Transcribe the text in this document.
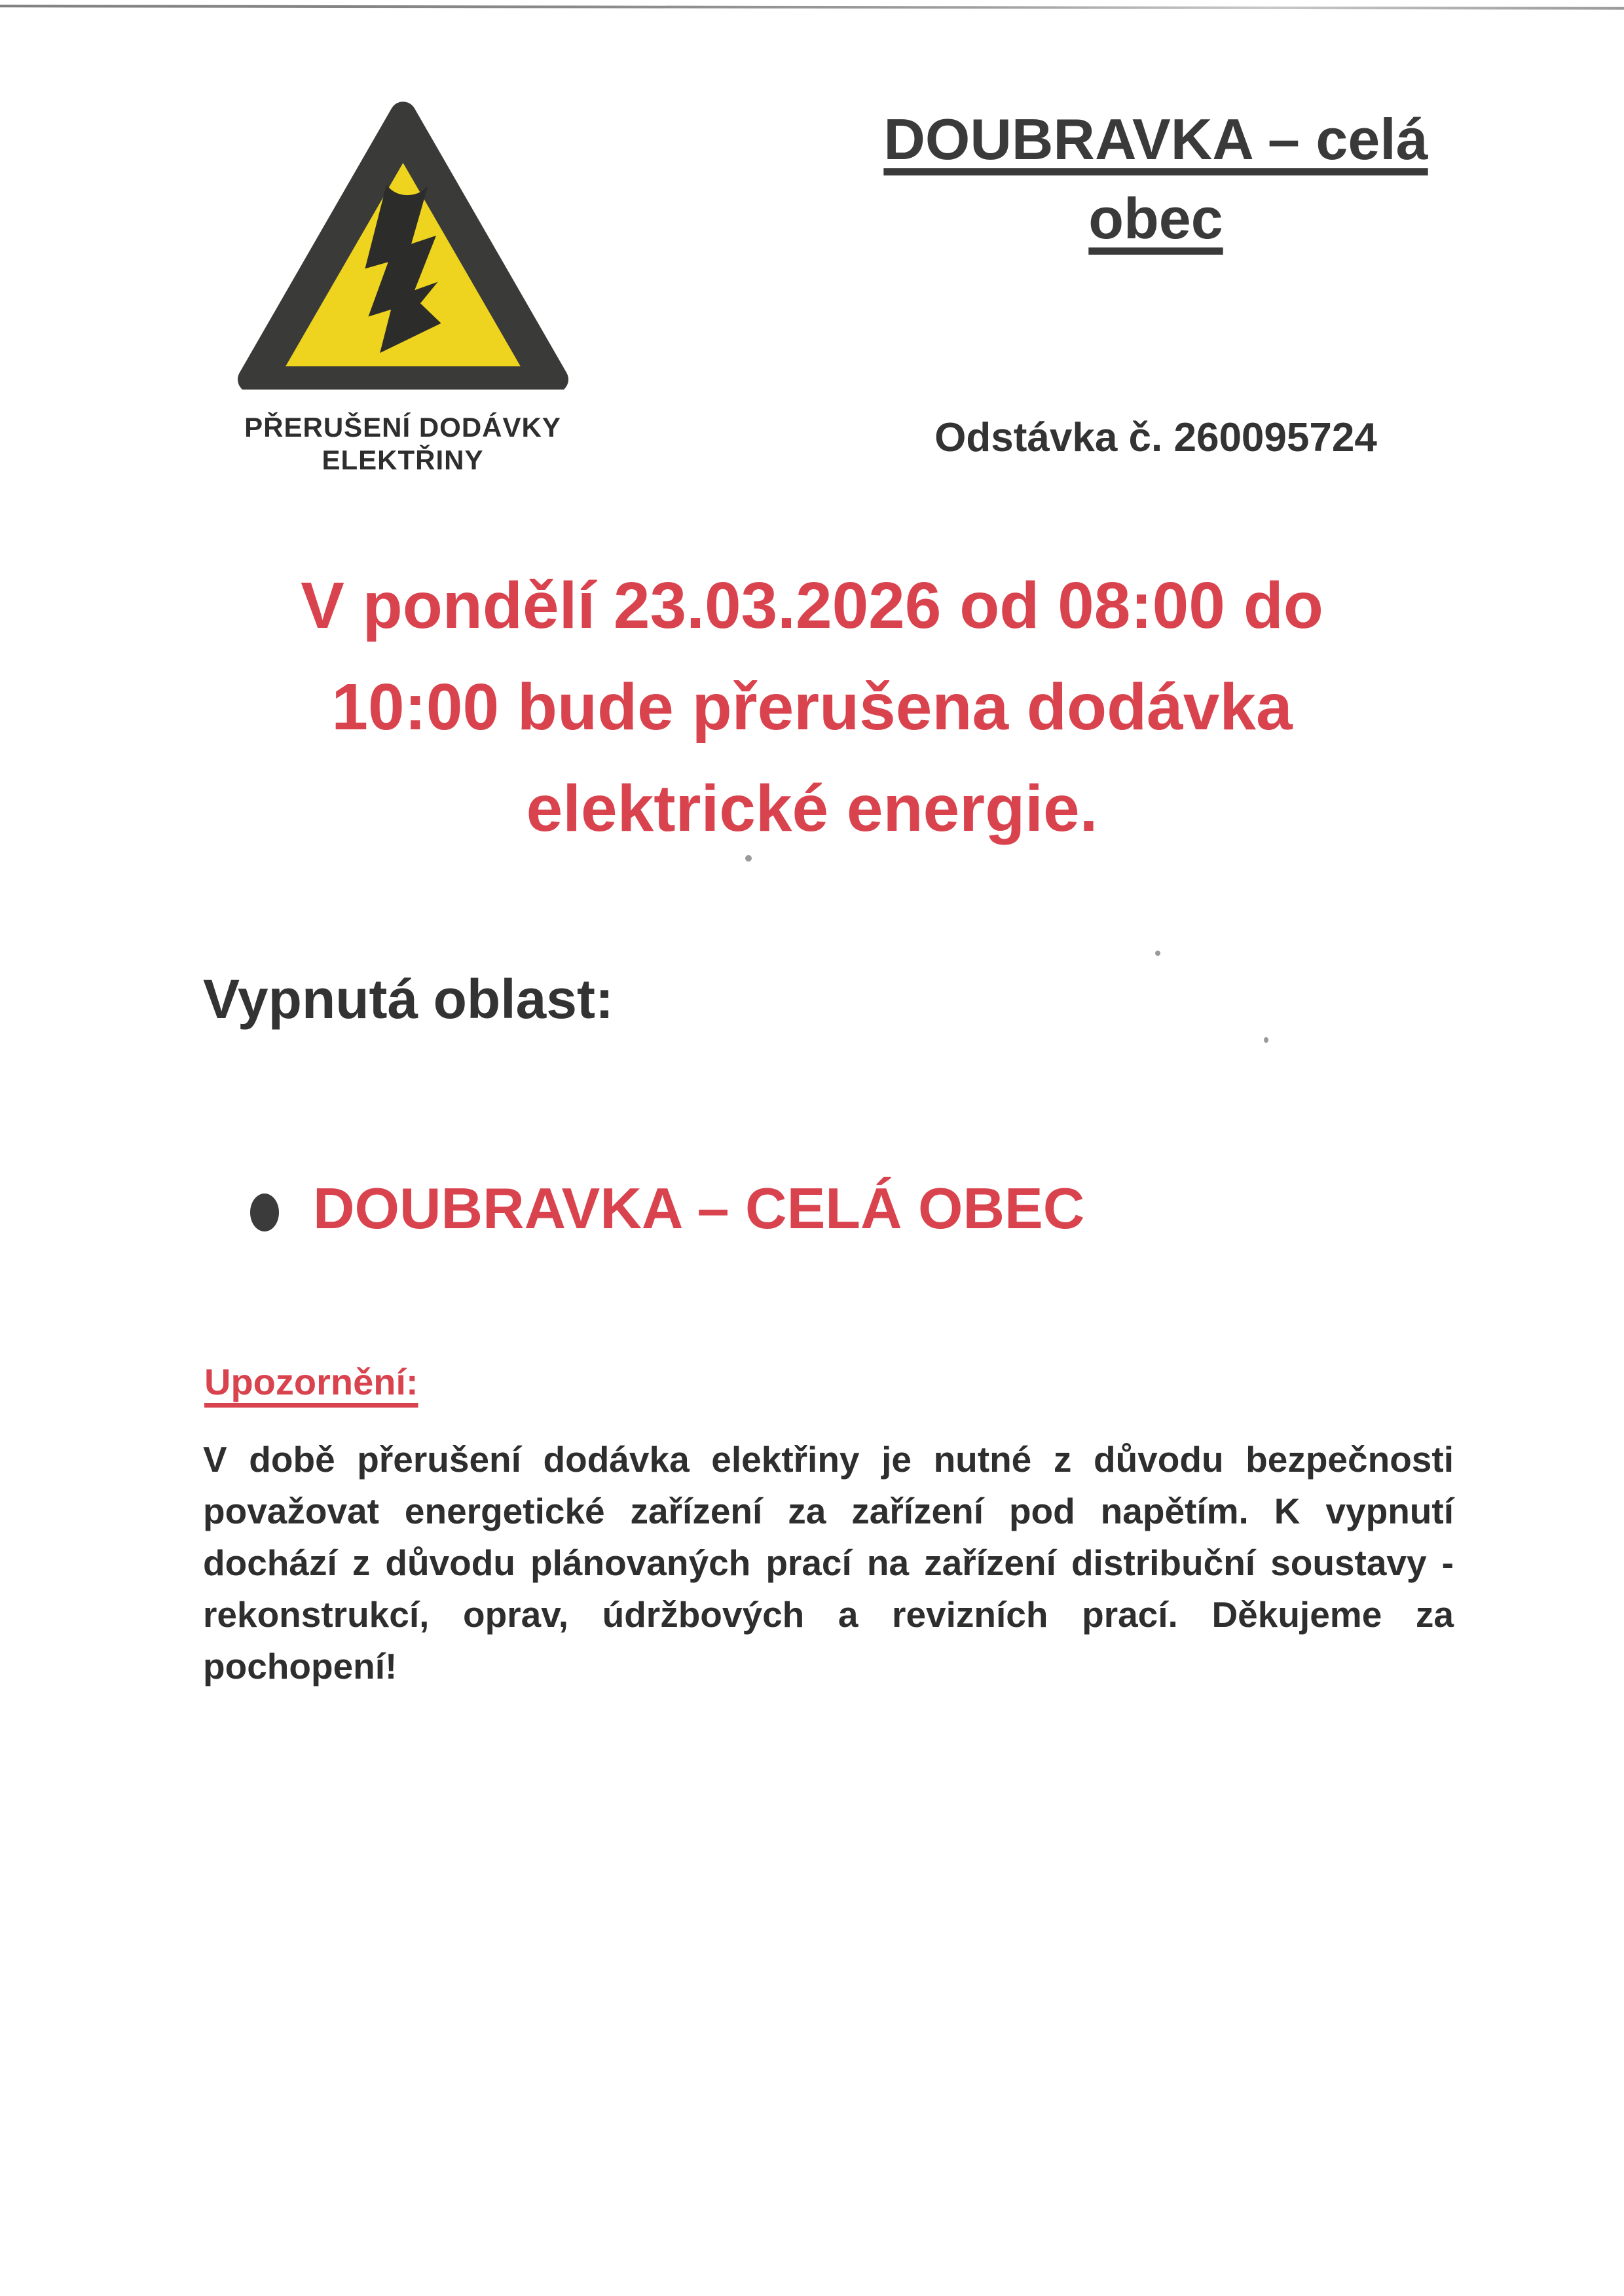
PŘERUŠENÍ DODÁVKY
ELEKTŘINY
DOUBRAVKA – celá
obec
Odstávka č. 260095724
V pondělí 23.03.2026 od 08:00 do
10:00 bude přerušena dodávka
elektrické energie.
Vypnutá oblast:
DOUBRAVKA – CELÁ OBEC
Upozornění:
V době přerušení dodávka elektřiny je nutné z důvodu bezpečnosti považovat energetické zařízení za zařízení pod napětím. K vypnutí dochází z důvodu plánovaných prací na zařízení distribuční soustavy - rekonstrukcí, oprav, údržbových a revizních prací. Děkujeme za pochopení!
